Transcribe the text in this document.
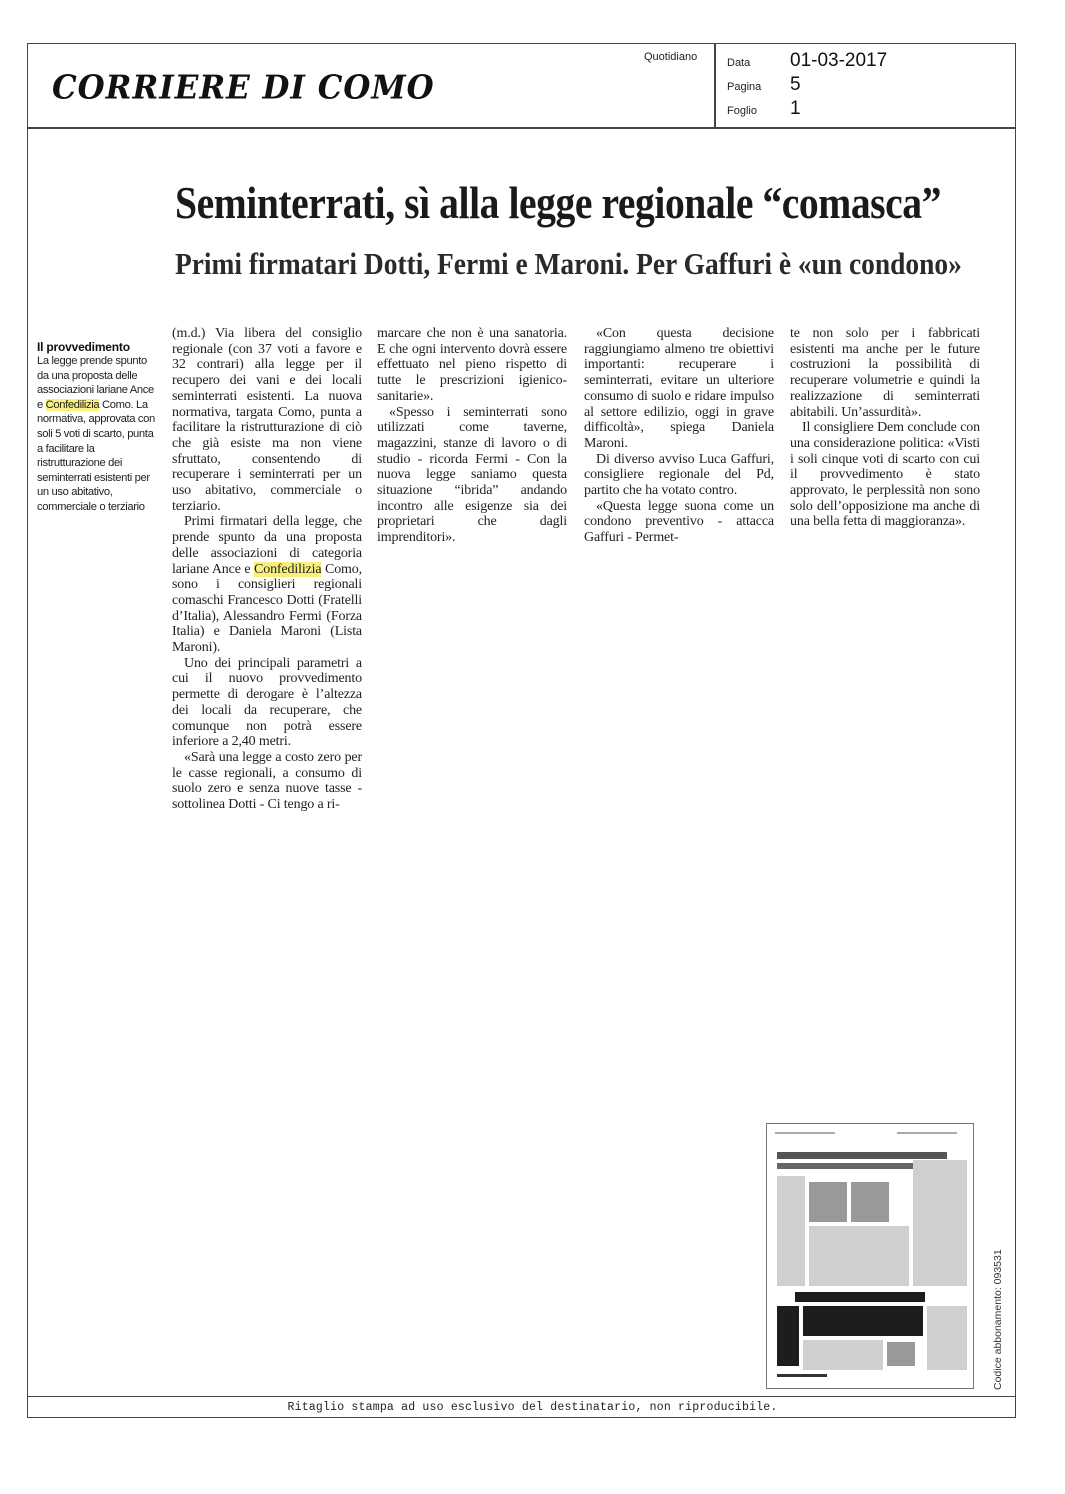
CORRIERE DI COMO
Quotidiano	Data	01-03-2017
Pagina	5
Foglio	1
Seminterrati, sì alla legge regionale “comasca”
Primi firmatari Dotti, Fermi e Maroni. Per Gaffuri è «un condono»
Il provvedimento
La legge prende spunto da una proposta delle associazioni lariane Ance e Confedilizia Como. La normativa, approvata con soli 5 voti di scarto, punta a facilitare la ristrutturazione dei seminterrati esistenti per un uso abitativo, commerciale o terziario

(m.d.) Via libera del consiglio regionale (con 37 voti a favore e 32 contrari) alla legge per il recupero dei vani e dei locali seminterrati esistenti. La nuova normativa, targata Como, punta a facilitare la ristrutturazione di ciò che già esiste ma non viene sfruttato, consentendo di recuperare i seminterrati per un uso abitativo, commerciale o terziario.

Primi firmatari della legge, che prende spunto da una proposta delle associazioni di categoria lariane Ance e Confedilizia Como, sono i consiglieri regionali comaschi Francesco Dotti (Fratelli d’Italia), Alessandro Fermi (Forza Italia) e Daniela Maroni (Lista Maroni).

Uno dei principali parametri a cui il nuovo provvedimento permette di derogare è l’altezza dei locali da recuperare, che comunque non potrà essere inferiore a 2,40 metri.

«Sarà una legge a costo zero per le casse regionali, a consumo di suolo zero e senza nuove tasse - sottolinea Dotti - Ci tengo a ri-

marcare che non è una sanatoria. E che ogni intervento dovrà essere effettuato nel pieno rispetto di tutte le prescrizioni igienico-sanitarie».

«Spesso i seminterrati sono utilizzati come taverne, magazzini, stanze di lavoro o di studio - ricorda Fermi - Con la nuova legge saniamo questa situazione “ibrida” andando incontro alle esigenze sia dei proprietari che dagli imprenditori».

«Con questa decisione raggiungiamo almeno tre obiettivi importanti: recuperare i seminterrati, evitare un ulteriore consumo di suolo e ridare impulso al settore edilizio, oggi in grave difficoltà», spiega Daniela Maroni.

Di diverso avviso Luca Gaffuri, consigliere regionale del Pd, partito che ha votato contro.

«Questa legge suona come un condono preventivo - attacca Gaffuri - Permet-

te non solo per i fabbricati esistenti ma anche per le future costruzioni la possibilità di recuperare volumetrie e quindi la realizzazione di seminterrati abitabili. Un’assurdità».

Il consigliere Dem conclude con una considerazione politica: «Visti i soli cinque voti di scarto con cui il provvedimento è stato approvato, le perplessità non sono solo dell’opposizione ma anche di una bella fetta di maggioranza».

Codice abbonamento: 093531
Ritaglio stampa ad uso esclusivo del destinatario, non riproducibile.
